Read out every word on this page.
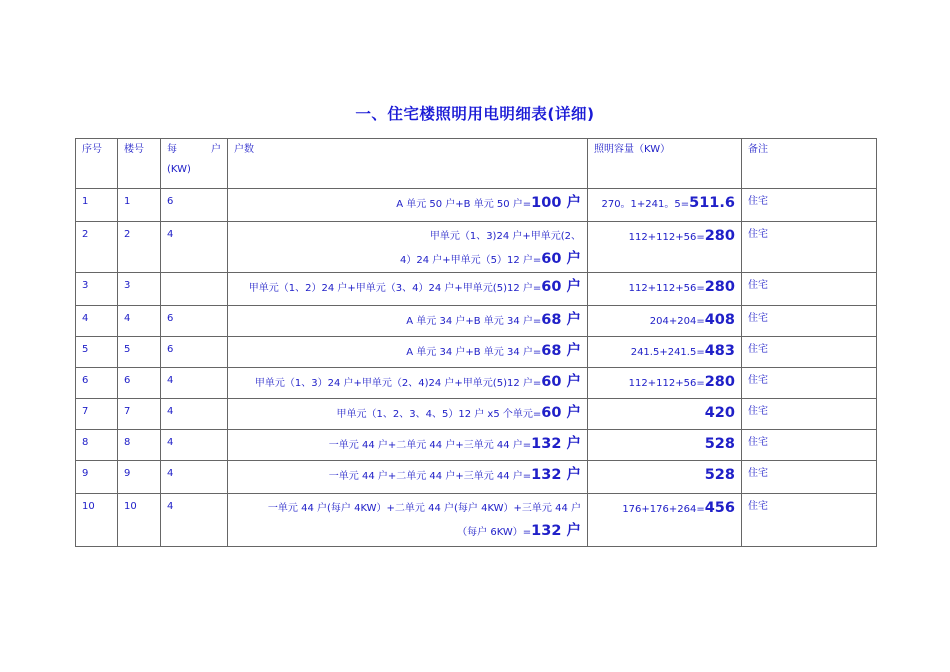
一、住宅楼照明用电明细表(详细)
序号	楼号	每 户
(KW)	户数	照明容量（KW）	备注
1	1	6	A 单元 50 户+B 单元 50 户=100 户	270。1+241。5=511.6	住宅
2	2	4	甲单元（1、3)24 户+甲单元(2、
4）24 户+甲单元（5）12 户=60 户	112+112+56=280	住宅
3	3		甲单元（1、2）24 户+甲单元（3、4）24 户+甲单元(5)12 户=60 户	112+112+56=280	住宅
4	4	6	A 单元 34 户+B 单元 34 户=68 户	204+204=408	住宅
5	5	6	A 单元 34 户+B 单元 34 户=68 户	241.5+241.5=483	住宅
6	6	4	甲单元（1、3）24 户+甲单元（2、4)24 户+甲单元(5)12 户=60 户	112+112+56=280	住宅
7	7	4	甲单元（1、2、3、4、5）12 户 x5 个单元=60 户	420	住宅
8	8	4	一单元 44 户+二单元 44 户+三单元 44 户=132 户	528	住宅
9	9	4	一单元 44 户+二单元 44 户+三单元 44 户=132 户	528	住宅
10	10	4	一单元 44 户(每户 4KW）+二单元 44 户(每户 4KW）+三单元 44 户
（每户 6KW）=132 户	176+176+264=456	住宅
